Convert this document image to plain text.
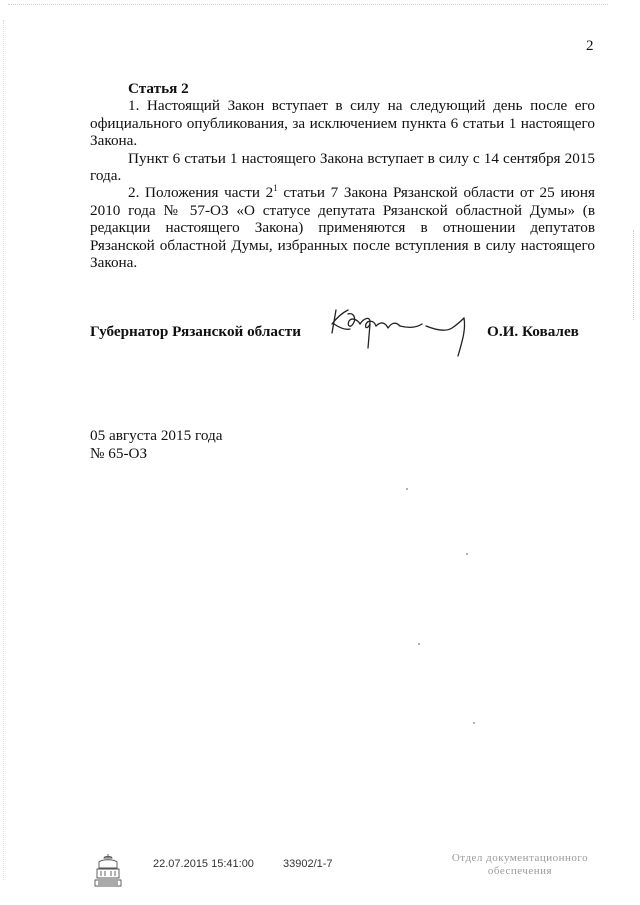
2

Статья 2

1. Настоящий Закон вступает в силу на следующий день после его официального опубликования, за исключением пункта 6 статьи 1 настоящего Закона.

Пункт 6 статьи 1 настоящего Закона вступает в силу с 14 сентября 2015 года.

2. Положения части $2^1$ статьи 7 Закона Рязанской области от 25 июня 2010 года № 57-ОЗ «О статусе депутата Рязанской областной Думы» (в редакции настоящего Закона) применяются в отношении депутатов Рязанской областной Думы, избранных после вступления в силу настоящего Закона.

Губернатор Рязанской области	О.И. Ковалев
05 августа 2015 года
№ 65-ОЗ
22.07.2015 15:41:00	33902/1-7	Отдел документационного
обеспечения
